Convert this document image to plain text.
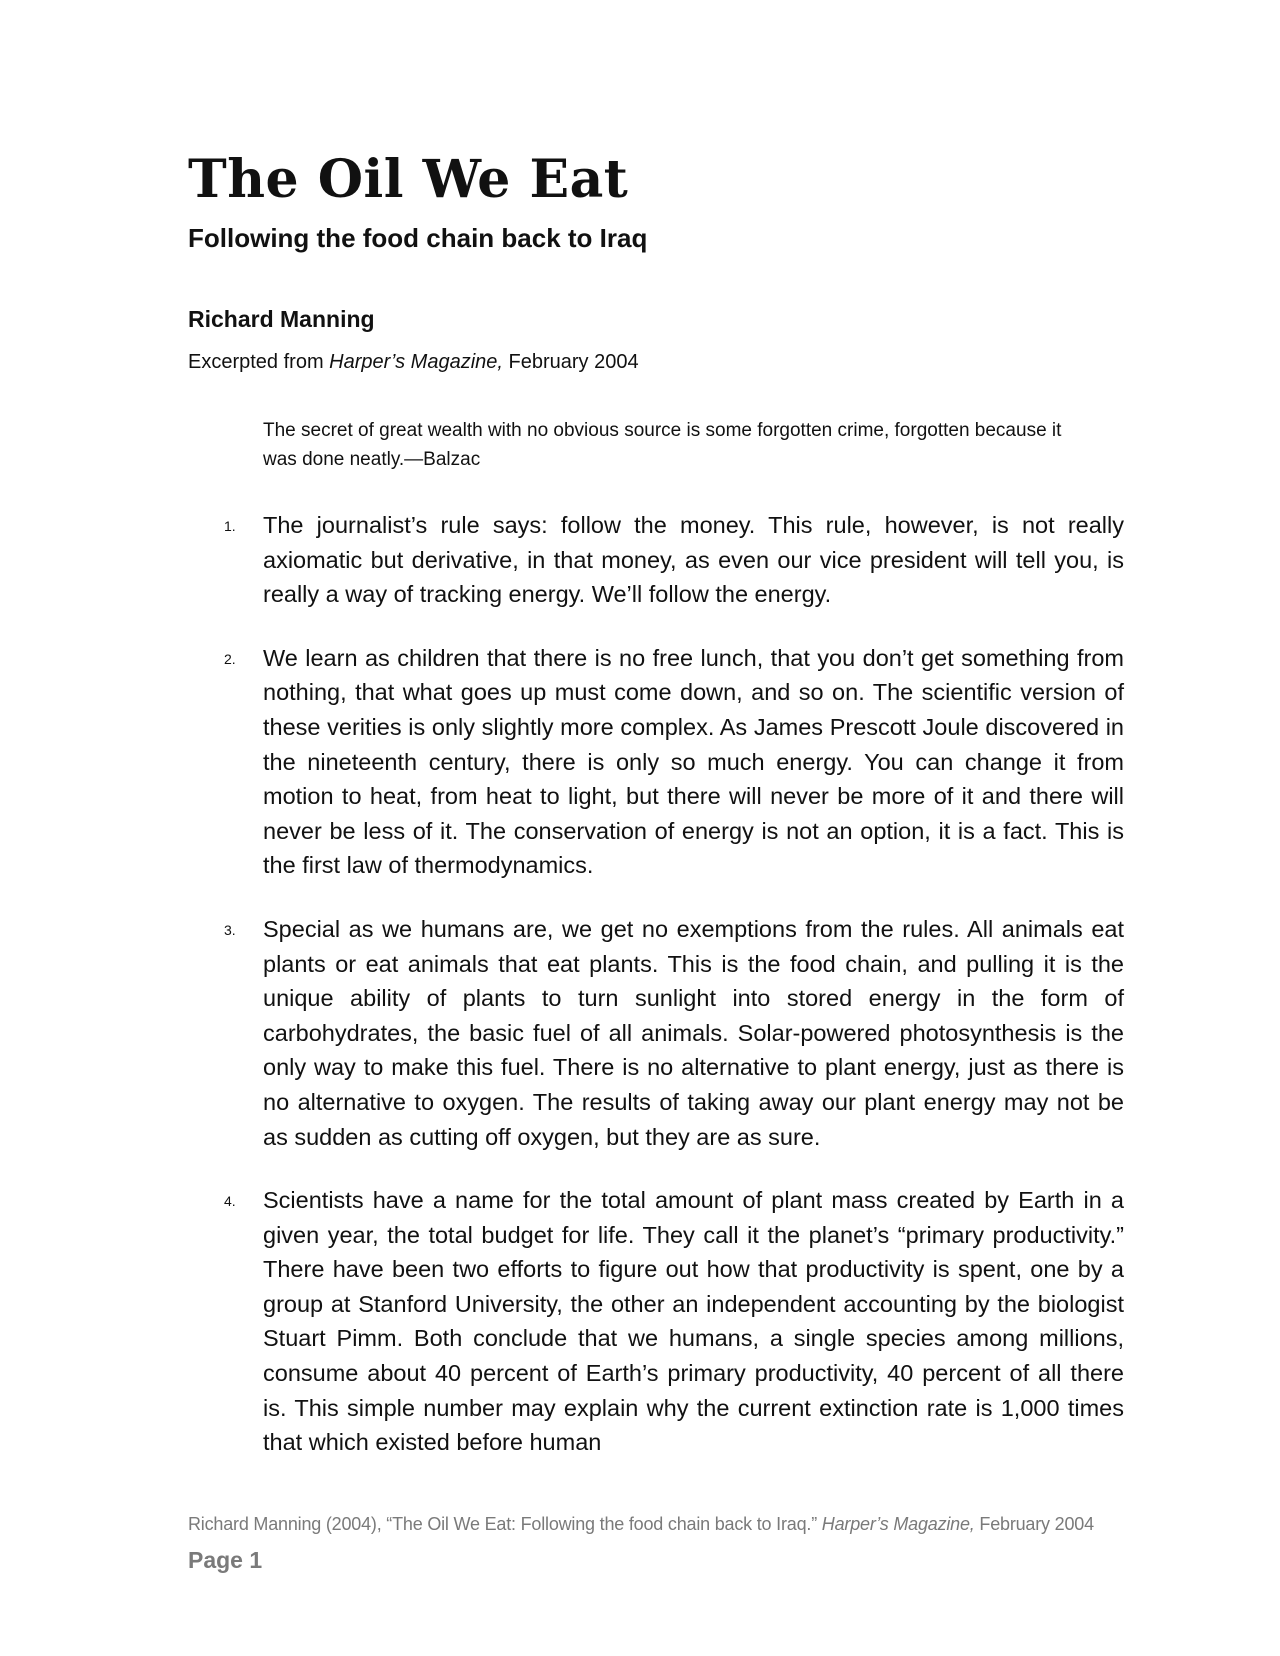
The Oil We Eat
Following the food chain back to Iraq

Richard Manning

Excerpted from Harper’s Magazine, February 2004

The secret of great wealth with no obvious source is some forgotten crime, forgotten because it was done neatly.—Balzac

1. The journalist’s rule says: follow the money. This rule, however, is not really axiomatic but derivative, in that money, as even our vice president will tell you, is really a way of tracking energy. We’ll follow the energy.

2. We learn as children that there is no free lunch, that you don’t get something from nothing, that what goes up must come down, and so on. The scientific version of these verities is only slightly more complex. As James Prescott Joule discovered in the nineteenth century, there is only so much energy. You can change it from motion to heat, from heat to light, but there will never be more of it and there will never be less of it. The conservation of energy is not an option, it is a fact. This is the first law of thermodynamics.

3. Special as we humans are, we get no exemptions from the rules. All animals eat plants or eat animals that eat plants. This is the food chain, and pulling it is the unique ability of plants to turn sunlight into stored energy in the form of carbohydrates, the basic fuel of all animals. Solar-powered photosynthesis is the only way to make this fuel. There is no alternative to plant energy, just as there is no alternative to oxygen. The results of taking away our plant energy may not be as sudden as cutting off oxygen, but they are as sure.

4. Scientists have a name for the total amount of plant mass created by Earth in a given year, the total budget for life. They call it the planet’s “primary productivity.” There have been two efforts to figure out how that productivity is spent, one by a group at Stanford University, the other an independent accounting by the biologist Stuart Pimm. Both conclude that we humans, a single species among millions, consume about 40 percent of Earth’s primary productivity, 40 percent of all there is. This simple number may explain why the current extinction rate is 1,000 times that which existed before human

Richard Manning (2004), “The Oil We Eat: Following the food chain back to Iraq.” Harper’s Magazine, February 2004

Page 1
